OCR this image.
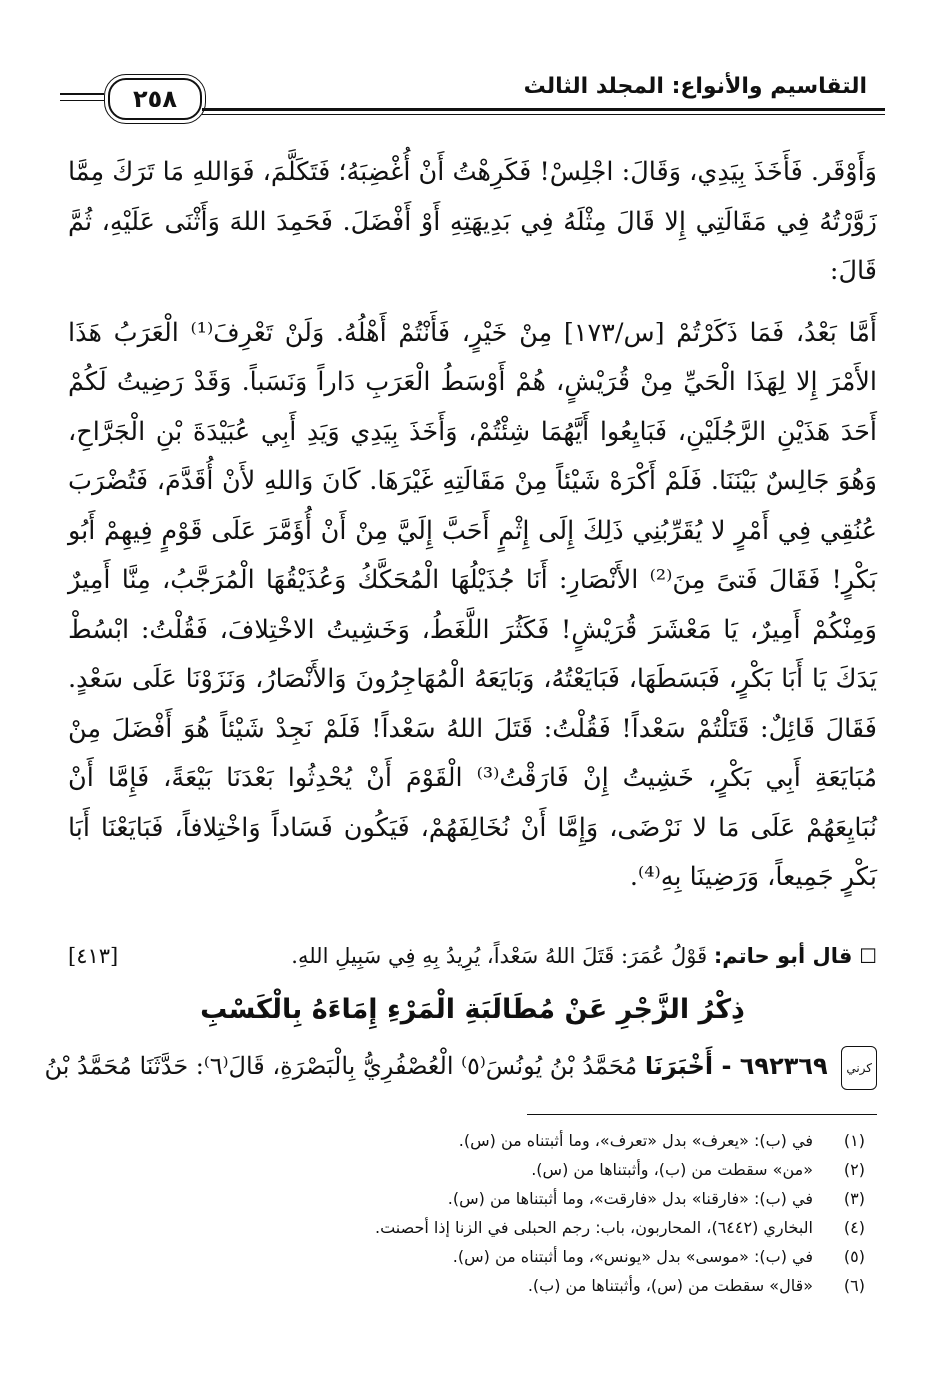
التقاسيم والأنواع: المجلد الثالث
٢٥٨

وَأَوْقَر. فَأَخَذَ بِيَدِي، وَقَالَ: اجْلِسْ! فَكَرِهْتُ أَنْ أُغْضِبَهُ؛ فَتَكَلَّمَ، فَوَاللهِ مَا تَرَكَ مِمَّا زَوَّرْتُهُ فِي مَقَالَتِي إِلا قَالَ مِثْلَهُ فِي بَدِيهَتِهِ أَوْ أَفْضَلَ. فَحَمِدَ اللهَ وَأَثْنَى عَلَيْهِ، ثُمَّ قَالَ:

أَمَّا بَعْدُ، فَمَا ذَكَرْتُمْ [س/١٧٣] مِنْ خَيْرٍ، فَأَنْتُمْ أَهْلُهُ. وَلَنْ تَعْرِفَ⁽¹⁾ الْعَرَبُ هَذَا الأَمْرَ إِلا لِهَذَا الْحَيِّ مِنْ قُرَيْشٍ، هُمْ أَوْسَطُ الْعَرَبِ دَاراً وَنَسَباً. وَقَدْ رَضِيتُ لَكُمْ أَحَدَ هَذَيْنِ الرَّجُلَيْنِ، فَبَايِعُوا أَيَّهُمَا شِئْتُمْ، وَأَخَذَ بِيَدِي وَيَدِ أَبِي عُبَيْدَةَ بْنِ الْجَرَّاحِ، وَهُوَ جَالِسٌ بَيْنَنَا. فَلَمْ أَكْرَهْ شَيْئاً مِنْ مَقَالَتِهِ غَيْرَهَا. كَانَ وَاللهِ لأَنْ أُقَدَّمَ، فَتُضْرَبَ عُنُقِي فِي أَمْرٍ لا يُقَرِّبُنِي ذَلِكَ إِلَى إِثْمٍ أَحَبَّ إِلَيَّ مِنْ أَنْ أُؤَمَّرَ عَلَى قَوْمٍ فِيهِمْ أَبُو بَكْرٍ! فَقَالَ فَتىً مِنَ⁽²⁾ الأَنْصَارِ: أَنَا جُذَيْلُهَا الْمُحَكَّكُ وَعُذَيْقُهَا الْمُرَجَّبُ، مِنَّا أَمِيرٌ وَمِنْكُمْ أَمِيرٌ، يَا مَعْشَرَ قُرَيْشٍ! فَكَثُرَ اللَّغَطُ، وَخَشِيتُ الاخْتِلافَ، فَقُلْتُ: ابْسُطْ يَدَكَ يَا أَبَا بَكْرٍ، فَبَسَطَهَا، فَبَايَعْتُهُ، وَبَايَعَهُ الْمُهَاجِرُونَ وَالأَنْصَارُ، وَنَزَوْنَا عَلَى سَعْدٍ. فَقَالَ قَائِلٌ: قَتَلْتُمْ سَعْداً! فَقُلْتُ: قَتَلَ اللهُ سَعْداً! فَلَمْ نَجِدْ شَيْئاً هُوَ أَفْضَلَ مِنْ مُبَايَعَةِ أَبِي بَكْرٍ، خَشِيتُ إِنْ فَارَقْتُ⁽³⁾ الْقَوْمَ أَنْ يُحْدِثُوا بَعْدَنَا بَيْعَةً، فَإِمَّا أَنْ نُبَايِعَهُمْ عَلَى مَا لا نَرْضَى، وَإِمَّا أَنْ نُخَالِفَهُمْ، فَيَكُون فَسَاداً وَاخْتِلافاً، فَبَايَعْنَا أَبَا بَكْرٍ جَمِيعاً، وَرَضِينَا بِهِ⁽⁴⁾.

☐ قال أبو حاتم: قَوْلُ عُمَرَ: قَتَلَ اللهُ سَعْداً، يُرِيدُ بِهِ فِي سَبِيلِ اللهِ.
[٤١٣]
ذِكْرُ الزَّجْرِ عَنْ مُطَالَبَةِ الْمَرْءِ إِمَاءَهُ بِالْكَسْبِ
كرني ٦٩٢٣٦٩ - أَخْبَرَنَا مُحَمَّدُ بْنُ يُونُسَ⁽٥⁾ الْعُصْفُرِيُّ بِالْبَصْرَةِ، قَالَ⁽٦⁾: حَدَّثَنَا مُحَمَّدُ بْنُ
(١)
في (ب): «يعرف» بدل «تعرف»، وما أثبتناه من (س).
(٢)
«من» سقطت من (ب)، وأثبتناها من (س).
(٣)
في (ب): «فارقنا» بدل «فارقت»، وما أثبتناها من (س).
(٤)
البخاري (٦٤٤٢)، المحاربون، باب: رجم الحبلى في الزنا إذا أحصنت.
(٥)
في (ب): «موسى» بدل «يونس»، وما أثبتناه من (س).
(٦)
«قال» سقطت من (س)، وأثبتناها من (ب).
